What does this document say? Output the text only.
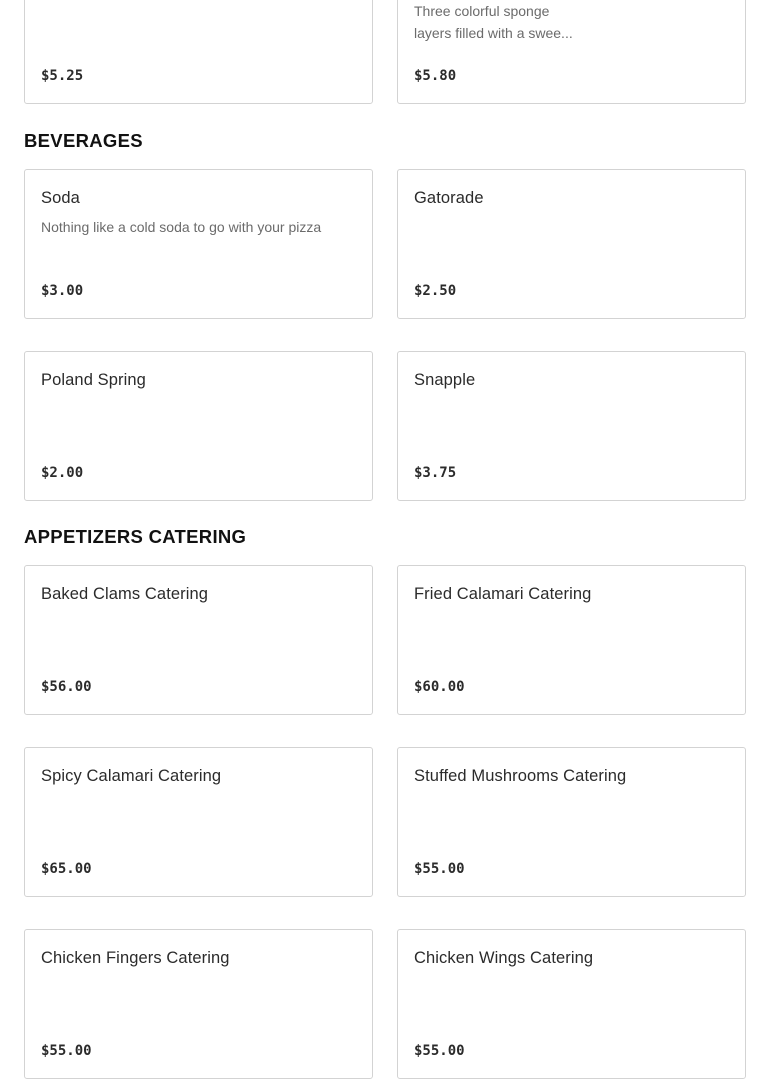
$5.25
Three colorful sponge layers filled with a swee...
$5.80
BEVERAGES
Soda
Nothing like a cold soda to go with your pizza
$3.00
Gatorade
$2.50
Poland Spring
$2.00
Snapple
$3.75
APPETIZERS CATERING
Baked Clams Catering
$56.00
Fried Calamari Catering
$60.00
Spicy Calamari Catering
$65.00
Stuffed Mushrooms Catering
$55.00
Chicken Fingers Catering
$55.00
Chicken Wings Catering
$55.00
